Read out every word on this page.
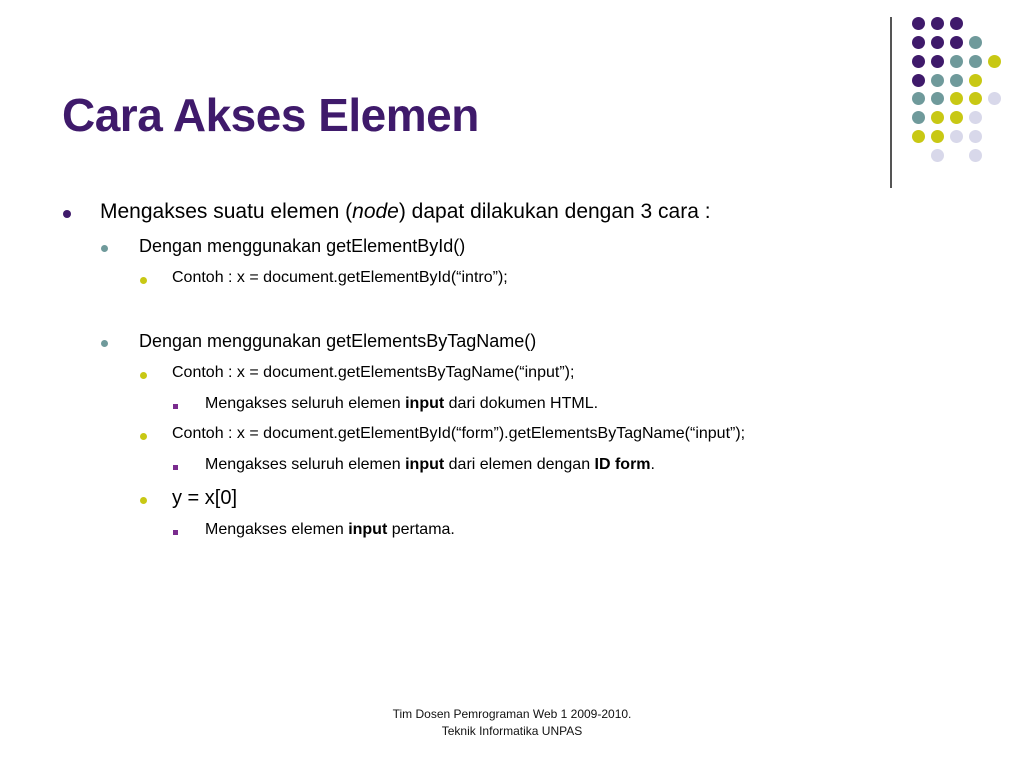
Cara Akses Elemen
Mengakses suatu elemen ( node ) dapat dilakukan dengan 3 cara :
Dengan menggunakan getElementById()
Contoh : x = document.getElementById(“intro”);
Dengan menggunakan getElementsByTagName()
Contoh : x = document.getElementsByTagName(“input”);
Mengakses seluruh elemen input dari dokumen HTML.
Contoh : x = document.getElementById(“form”).getElementsByTagName(“input”);
Mengakses seluruh elemen input dari elemen dengan ID form .
y = x[0]
Mengakses elemen input pertama.
Tim Dosen Pemrograman Web 1 2009-2010.
Teknik Informatika UNPAS
